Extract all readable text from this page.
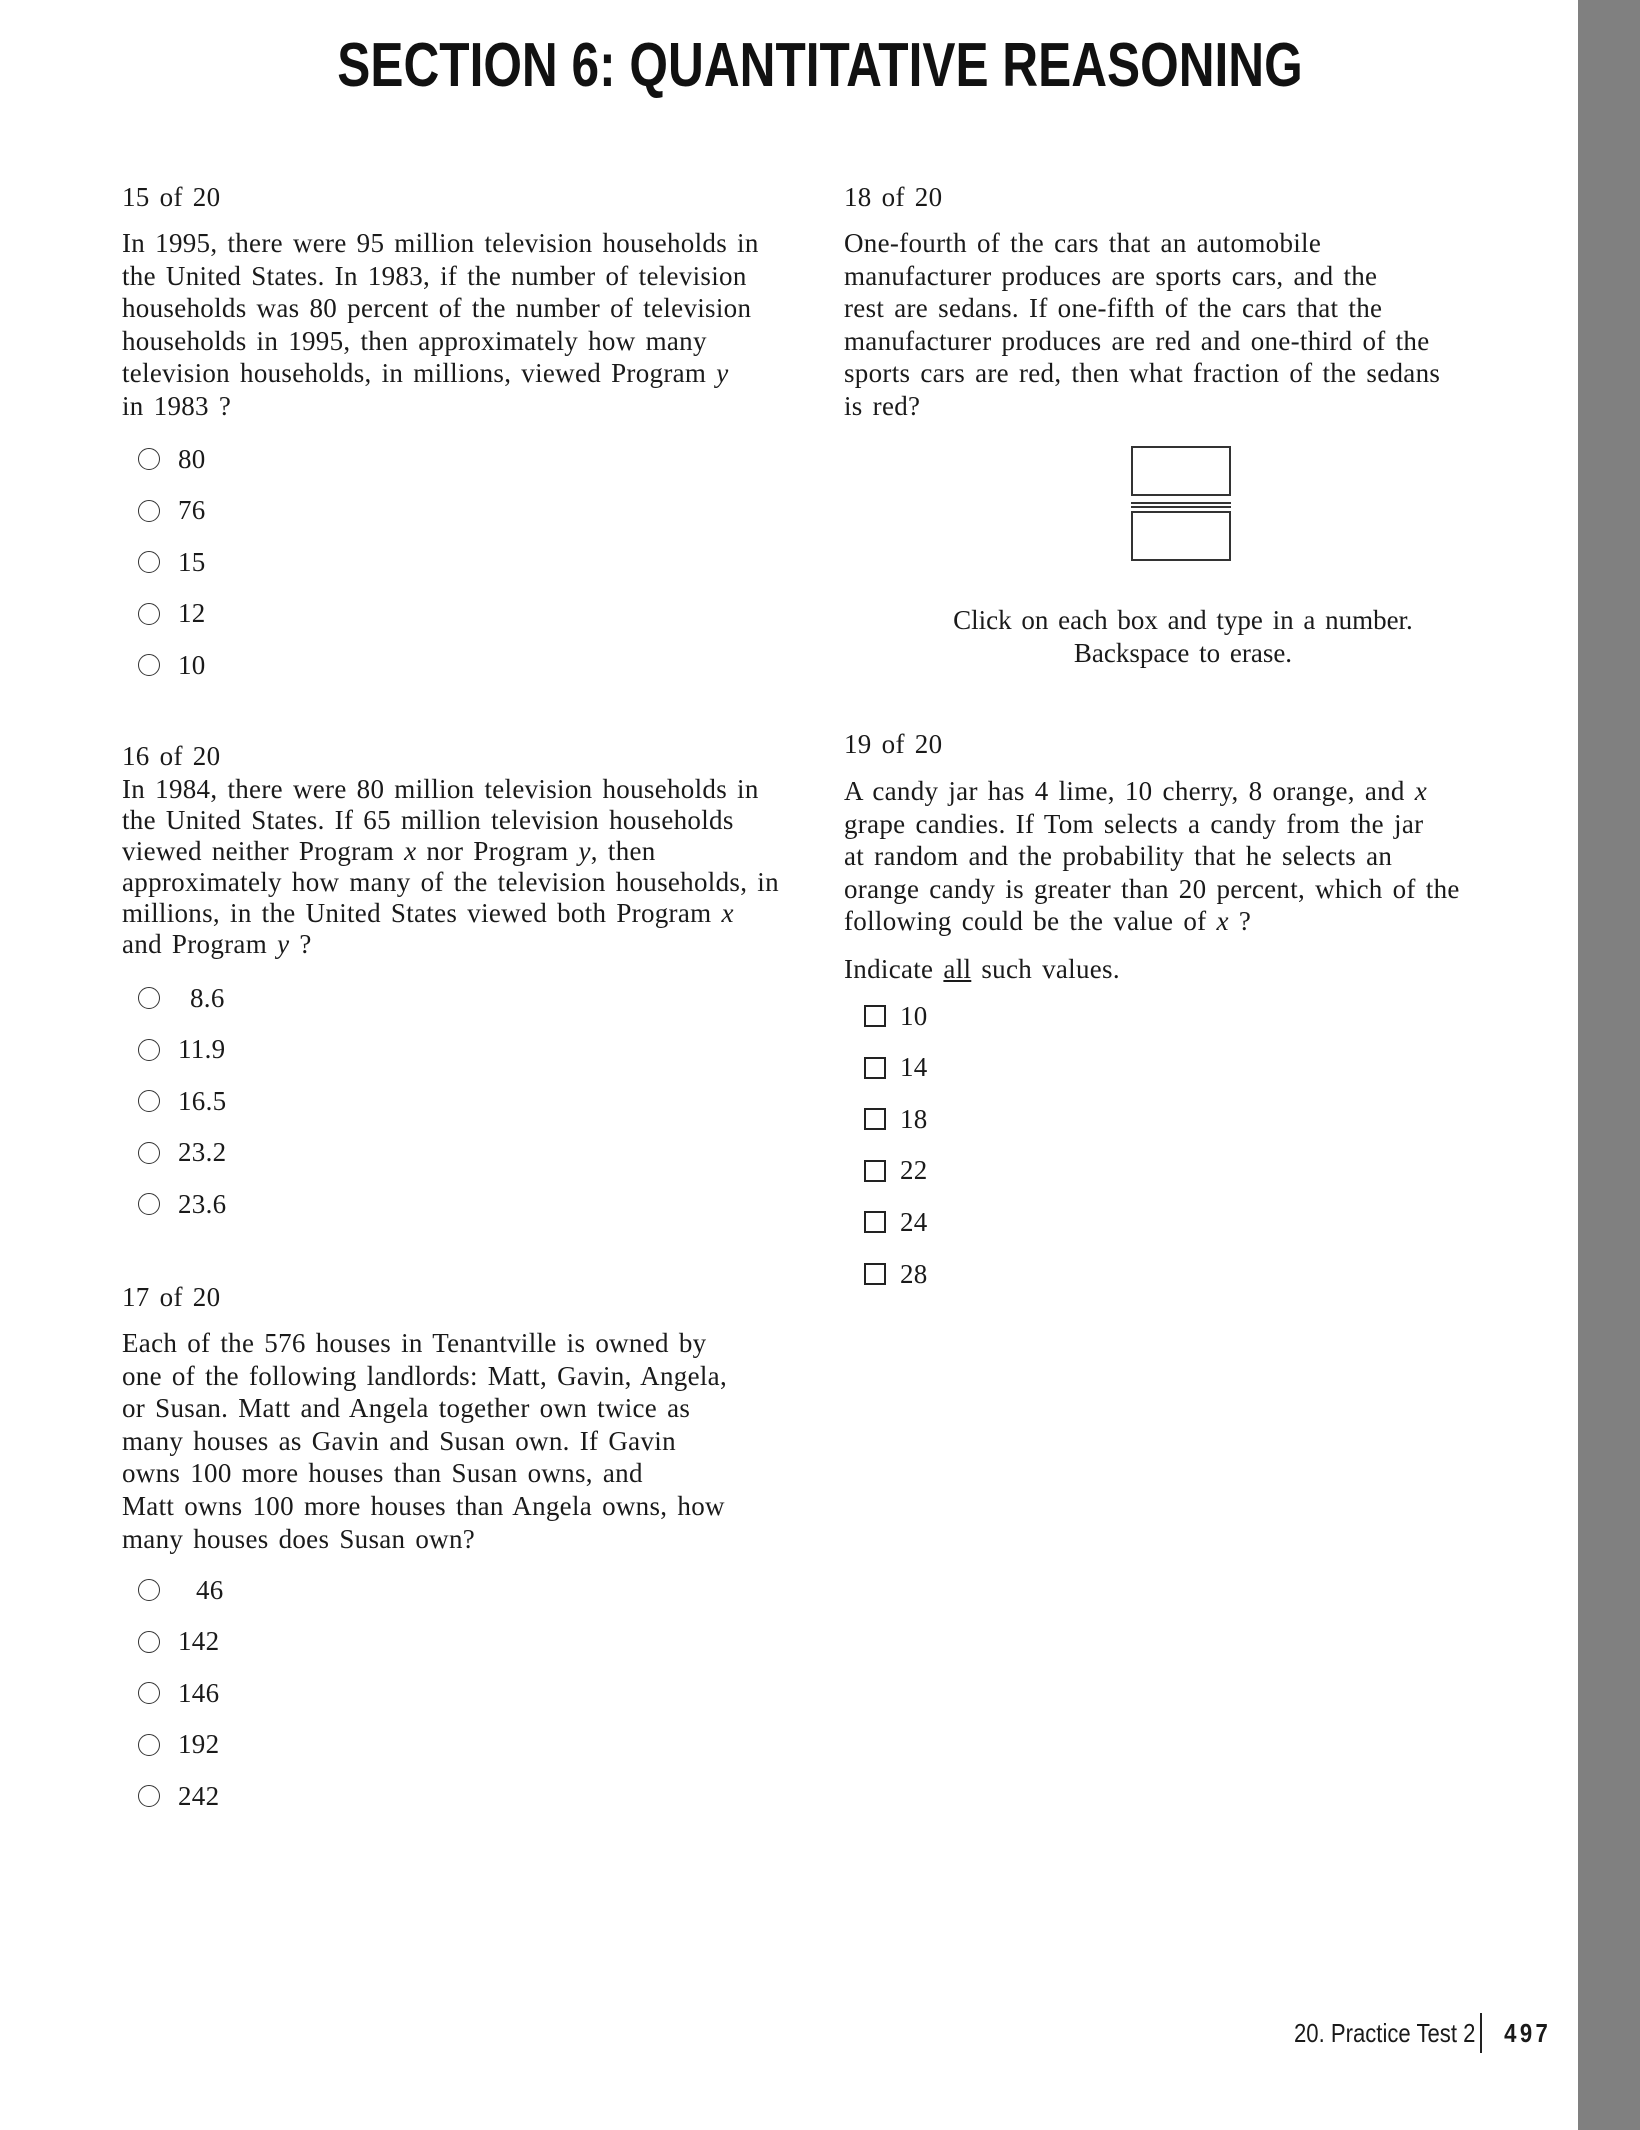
SECTION 6: QUANTITATIVE REASONING
15 of 20
In 1995, there were 95 million television households in
the United States. In 1983, if the number of television
households was 80 percent of the number of television
households in 1995, then approximately how many
television households, in millions, viewed Program y
in 1983 ?
80
76
15
12
10
16 of 20
In 1984, there were 80 million television households in
the United States. If 65 million television households
viewed neither Program x nor Program y, then
approximately how many of the television households, in
millions, in the United States viewed both Program x
and Program y ?
8.6
11.9
16.5
23.2
23.6
17 of 20
Each of the 576 houses in Tenantville is owned by
one of the following landlords: Matt, Gavin, Angela,
or Susan. Matt and Angela together own twice as
many houses as Gavin and Susan own. If Gavin
owns 100 more houses than Susan owns, and
Matt owns 100 more houses than Angela owns, how
many houses does Susan own?
46
142
146
192
242
18 of 20
One-fourth of the cars that an automobile
manufacturer produces are sports cars, and the
rest are sedans. If one-fifth of the cars that the
manufacturer produces are red and one-third of the
sports cars are red, then what fraction of the sedans
is red?
19 of 20
A candy jar has 4 lime, 10 cherry, 8 orange, and x
grape candies. If Tom selects a candy from the jar
at random and the probability that he selects an
orange candy is greater than 20 percent, which of the
following could be the value of x ?
Indicate all such values.
10
14
18
22
24
28
Click on each box and type in a number.
Backspace to erase.
20. Practice Test 2 497
